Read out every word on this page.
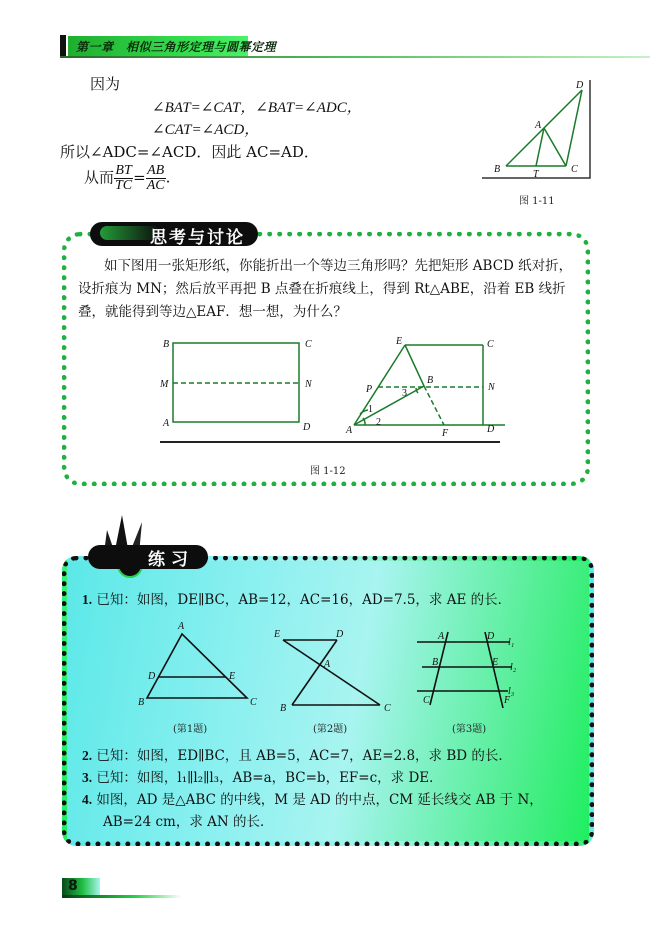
第一章　相似三角形定理与圆幂定理
因为
∠BAT=∠CAT，∠BAT=∠ADC，
∠CAT=∠ACD，
所以∠ADC=∠ACD．因此 AC=AD．
从而 $\frac{BT}{TC} = \frac{AB}{AC}$ .
D
A
B	T	C
图 1-11
思考与讨论
如下图用一张矩形纸，你能折出一个等边三角形吗？先把矩形 ABCD 纸对折，设折痕为 MN；然后放平再把 B 点叠在折痕线上，得到 Rt△ABE，沿着 EB 线折叠，就能得到等边△EAF．想一想，为什么？
B	C
M	N
A	D
E	C
P
B
N
A	F	D
1
2
3
图 1-12
练习
1. 已知：如图，DE∥BC，AB=12，AC=16，AD=7.5，求 AE 的长．
A
D	E
B	C
E	D
A
B	C
A	D
l₁
B	E l₂
C	F
l₃
(第1题)	(第2题)	(第3题)
2. 已知：如图，ED∥BC，且 AB=5，AC=7，AE=2.8，求 BD 的长．
3. 已知：如图，l₁∥l₂∥l₃，AB=a，BC=b，EF=c，求 DE．
4. 如图，AD 是△ABC 的中线，M 是 AD 的中点，CM 延长线交 AB 于 N，
AB=24 cm，求 AN 的长．
8
